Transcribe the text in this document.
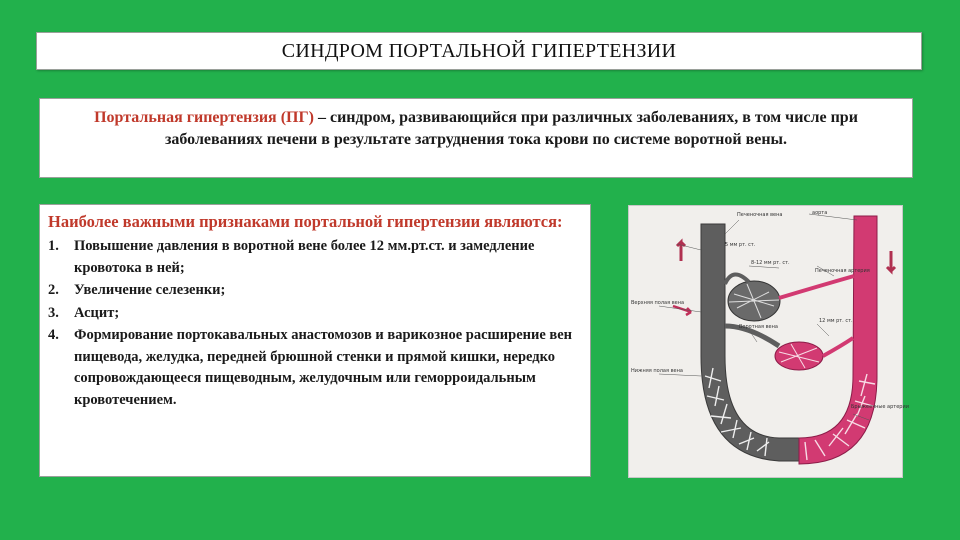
СИНДРОМ ПОРТАЛЬНОЙ ГИПЕРТЕНЗИИ
Портальная гипертензия (ПГ) – синдром, развивающийся при различных заболеваниях, в том числе при заболеваниях печени в результате затруднения тока крови по системе воротной вены.
Наиболее важными признаками портальной гипертензии являются:
1.	Повышение давления в воротной вене более 12 мм.рт.ст. и замедление кровотока в ней;
2.	Увеличение селезенки;
3.	Асцит;
4.	Формирование портокавальных анастомозов и варикозное расширение вен пищевода, желудка, передней брюшной стенки и прямой кишки, нередко сопровождающееся пищеводным, желудочным или геморроидальным кровотечением.
Печеночная вена	аорта
5 мм рт. ст.
8-12 мм рт. ст.
Печеночная артерия
Верхняя полая вена
Воротная вена
12 мм рт. ст.
Нижняя полая вена
Брыжеечные артерии
